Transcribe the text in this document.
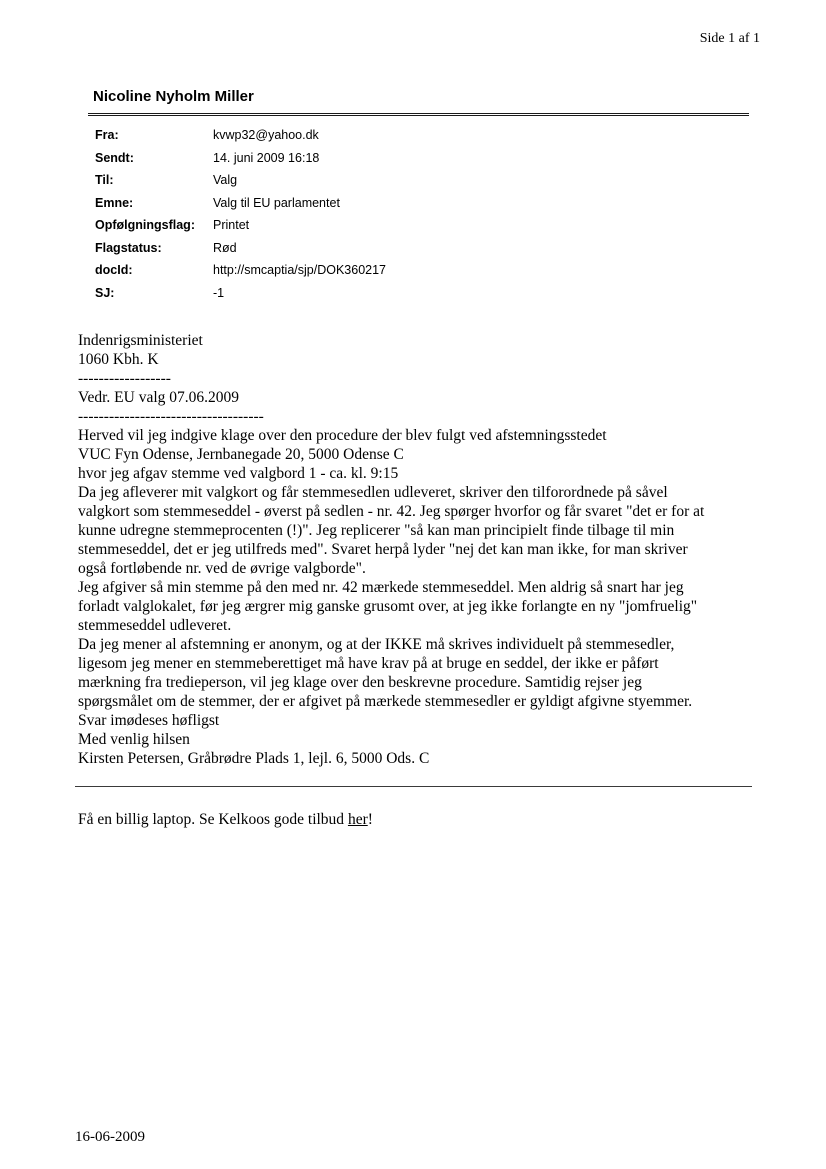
Side 1 af 1
Nicoline Nyholm Miller
Fra:	kvwp32@yahoo.dk
Sendt:	14. juni 2009 16:18
Til:	Valg
Emne:	Valg til EU parlamentet
Opfølgningsflag:	Printet
Flagstatus:	Rød
docId:	http://smcaptia/sjp/DOK360217
SJ:	-1
Indenrigsministeriet
1060 Kbh. K
------------------
Vedr. EU valg 07.06.2009
------------------------------------
Herved vil jeg indgive klage over den procedure der blev fulgt ved afstemningsstedet
VUC Fyn Odense, Jernbanegade 20, 5000 Odense C
hvor jeg afgav stemme ved valgbord 1 - ca. kl. 9:15
Da jeg afleverer mit valgkort og får stemmesedlen udleveret, skriver den tilforordnede på såvel
valgkort som stemmeseddel - øverst på sedlen - nr. 42. Jeg spørger hvorfor og får svaret "det er for at
kunne udregne stemmeprocenten (!)". Jeg replicerer "så kan man principielt finde tilbage til min
stemmeseddel, det er jeg utilfreds med". Svaret herpå lyder "nej det kan man ikke, for man skriver
også fortløbende nr. ved de øvrige valgborde".
Jeg afgiver så min stemme på den med nr. 42 mærkede stemmeseddel. Men aldrig så snart har jeg
forladt valglokalet, før jeg ærgrer mig ganske grusomt over, at jeg ikke forlangte en ny "jomfruelig"
stemmeseddel udleveret.
Da jeg mener al afstemning er anonym, og at der IKKE må skrives individuelt på stemmesedler,
ligesom jeg mener en stemmeberettiget må have krav på at bruge en seddel, der ikke er påført
mærkning fra tredieperson, vil jeg klage over den beskrevne procedure. Samtidig rejser jeg
spørgsmålet om de stemmer, der er afgivet på mærkede stemmesedler er gyldigt afgivne styemmer.
Svar imødeses høfligst
Med venlig hilsen
Kirsten Petersen, Gråbrødre Plads 1, lejl. 6, 5000 Ods. C
Få en billig laptop. Se Kelkoos gode tilbud her!
16-06-2009
